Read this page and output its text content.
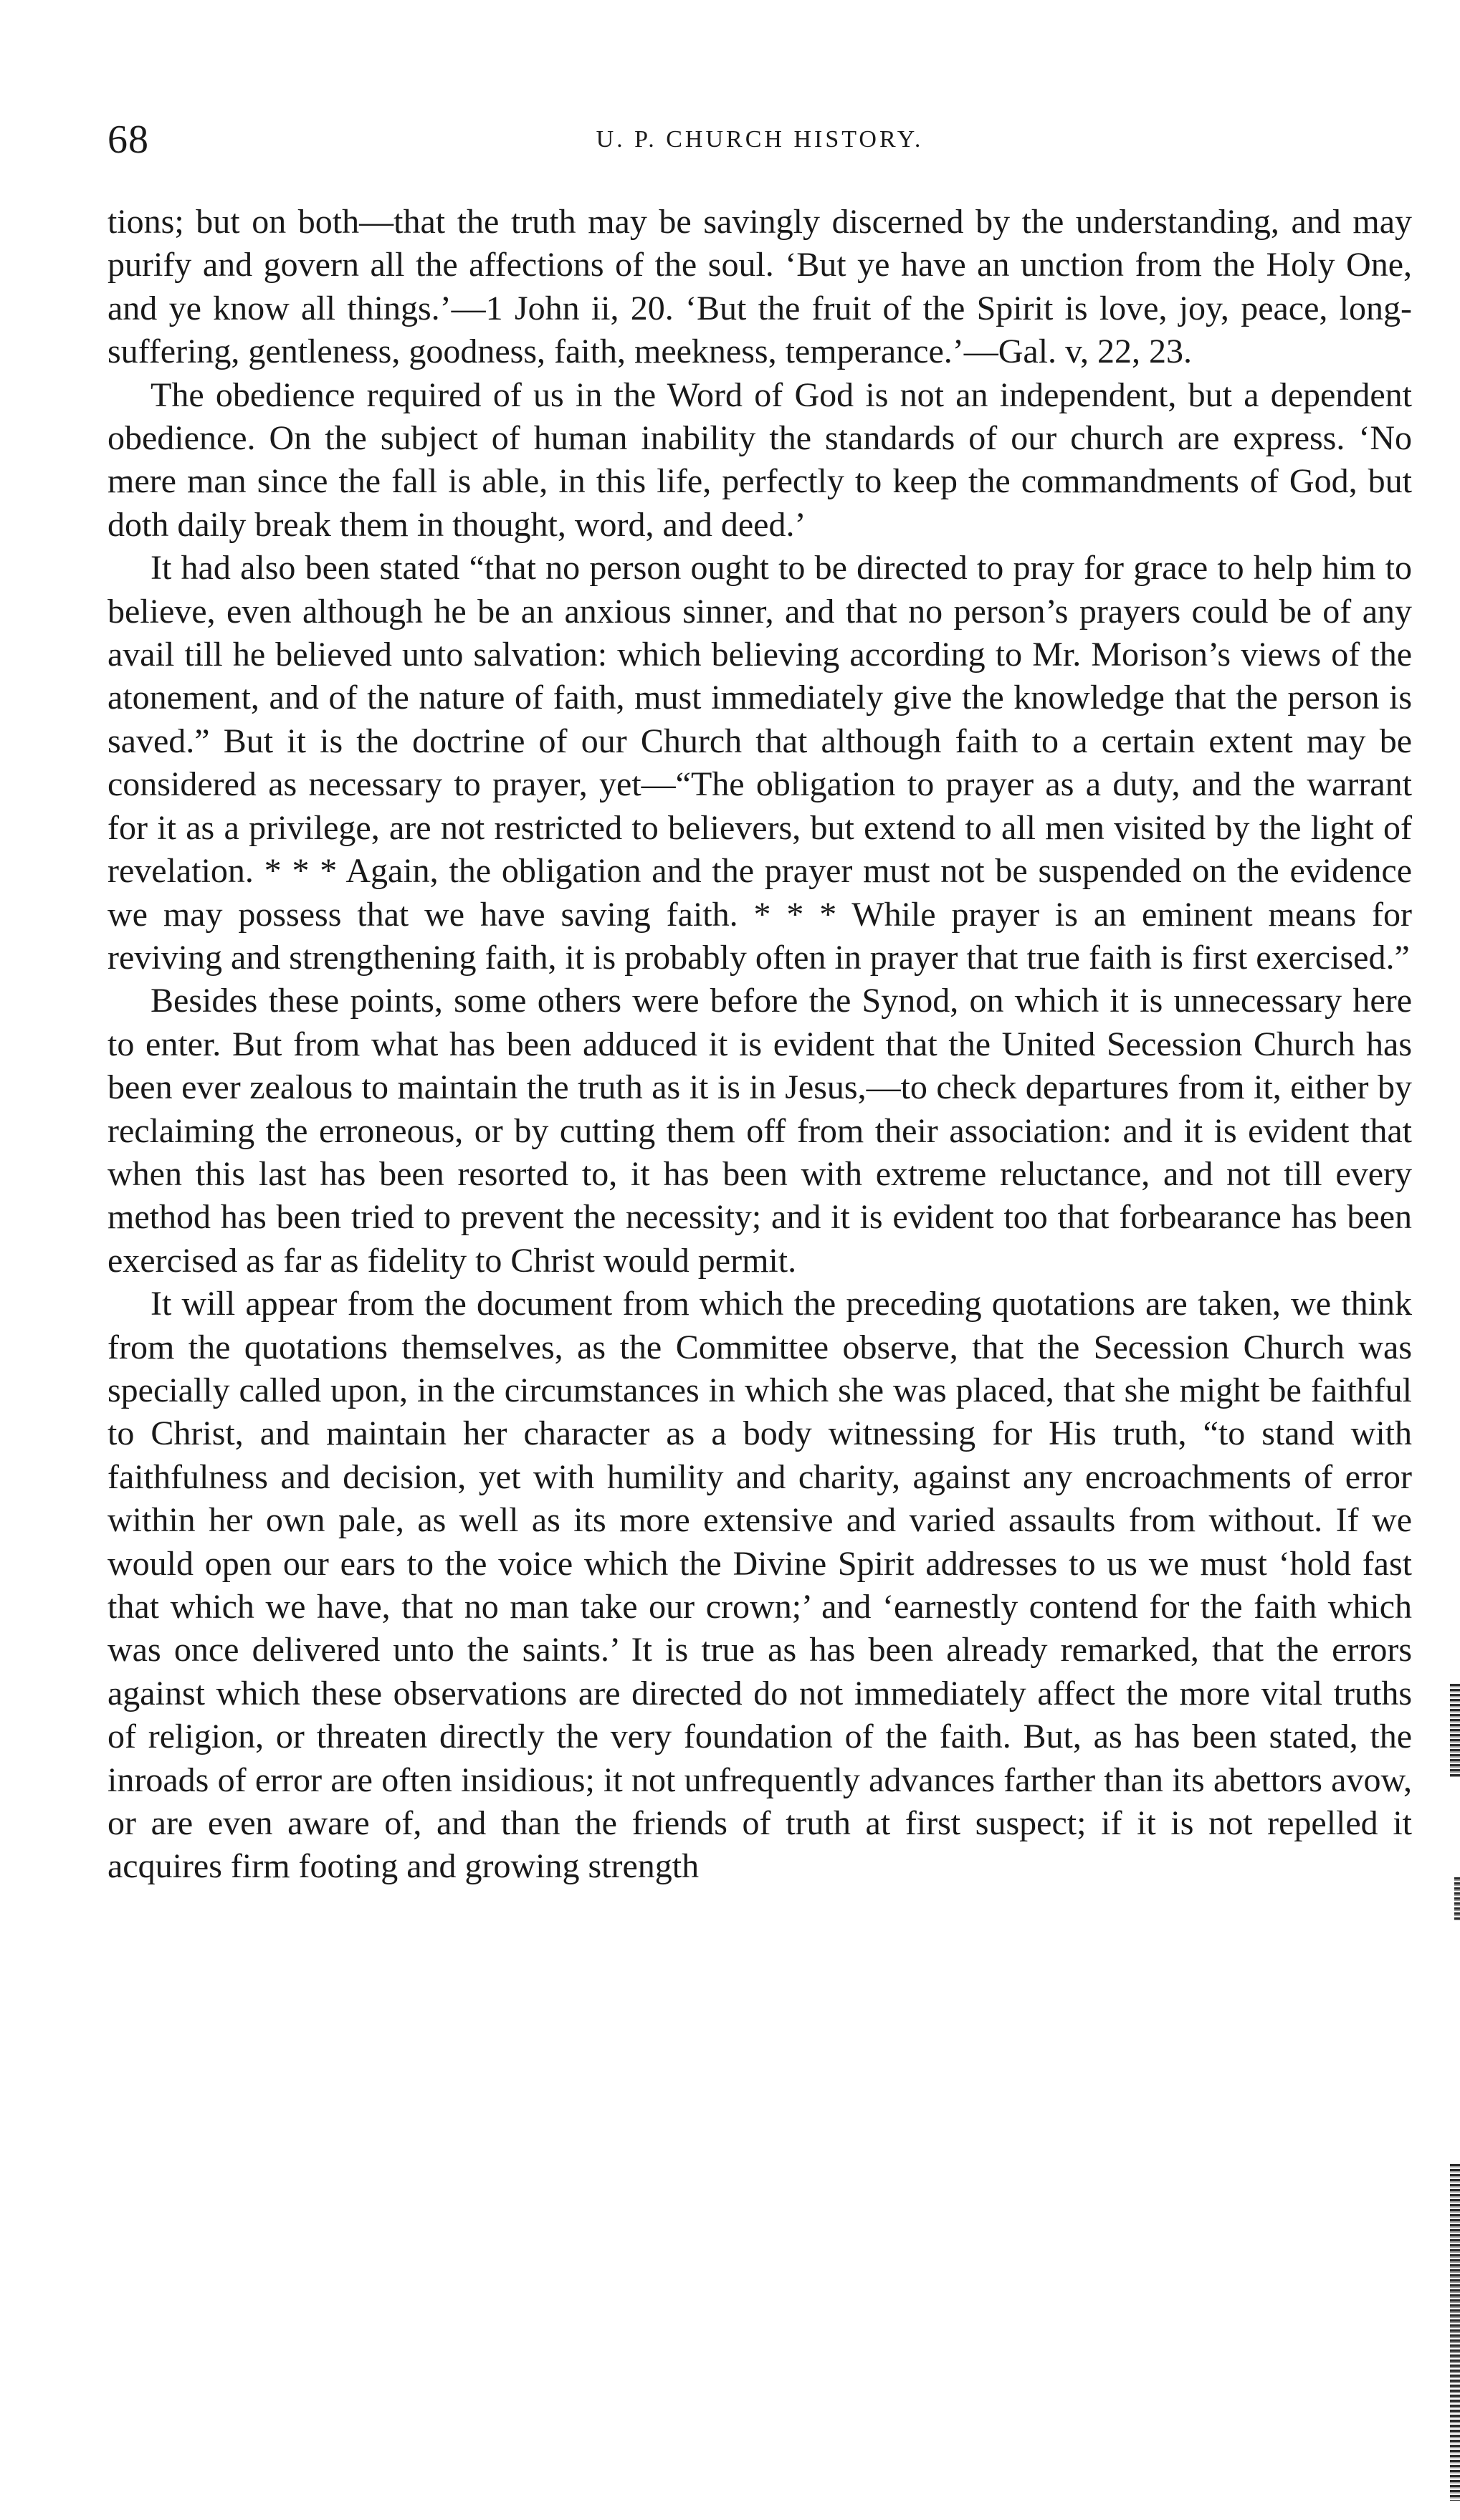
68	U. P. CHURCH HISTORY.

tions; but on both—that the truth may be savingly discerned by the understanding, and may purify and govern all the affections of the soul. ‘But ye have an unction from the Holy One, and ye know all things.’—1 John ii, 20. ‘But the fruit of the Spirit is love, joy, peace, long-suffering, gentleness, goodness, faith, meekness, temperance.’—Gal. v, 22, 23.

The obedience required of us in the Word of God is not an independent, but a dependent obedience. On the subject of human inability the standards of our church are express. ‘No mere man since the fall is able, in this life, perfectly to keep the commandments of God, but doth daily break them in thought, word, and deed.’

It had also been stated “that no person ought to be directed to pray for grace to help him to believe, even although he be an anxious sinner, and that no person’s prayers could be of any avail till he believed unto salvation: which believing according to Mr. Morison’s views of the atonement, and of the nature of faith, must immediately give the knowledge that the person is saved.” But it is the doctrine of our Church that although faith to a certain extent may be considered as necessary to prayer, yet—“The obligation to prayer as a duty, and the warrant for it as a privilege, are not restricted to believers, but extend to all men visited by the light of revelation. * * * Again, the obligation and the prayer must not be suspended on the evidence we may possess that we have saving faith. * * * While prayer is an eminent means for reviving and strengthening faith, it is probably often in prayer that true faith is first exercised.”

Besides these points, some others were before the Synod, on which it is unnecessary here to enter. But from what has been adduced it is evident that the United Secession Church has been ever zealous to maintain the truth as it is in Jesus,—to check departures from it, either by reclaiming the erroneous, or by cutting them off from their association: and it is evident that when this last has been resorted to, it has been with extreme reluctance, and not till every method has been tried to prevent the necessity; and it is evident too that forbearance has been exercised as far as fidelity to Christ would permit.

It will appear from the document from which the preceding quotations are taken, we think from the quotations themselves, as the Committee observe, that the Secession Church was specially called upon, in the circumstances in which she was placed, that she might be faithful to Christ, and maintain her character as a body witnessing for His truth, “to stand with faithfulness and decision, yet with humility and charity, against any encroachments of error within her own pale, as well as its more extensive and varied assaults from without. If we would open our ears to the voice which the Divine Spirit addresses to us we must ‘hold fast that which we have, that no man take our crown;’ and ‘earnestly contend for the faith which was once delivered unto the saints.’ It is true as has been already remarked, that the errors against which these observations are directed do not immediately affect the more vital truths of religion, or threaten directly the very foundation of the faith. But, as has been stated, the inroads of error are often insidious; it not unfrequently advances farther than its abettors avow, or are even aware of, and than the friends of truth at first suspect; if it is not repelled it acquires firm footing and growing strength
